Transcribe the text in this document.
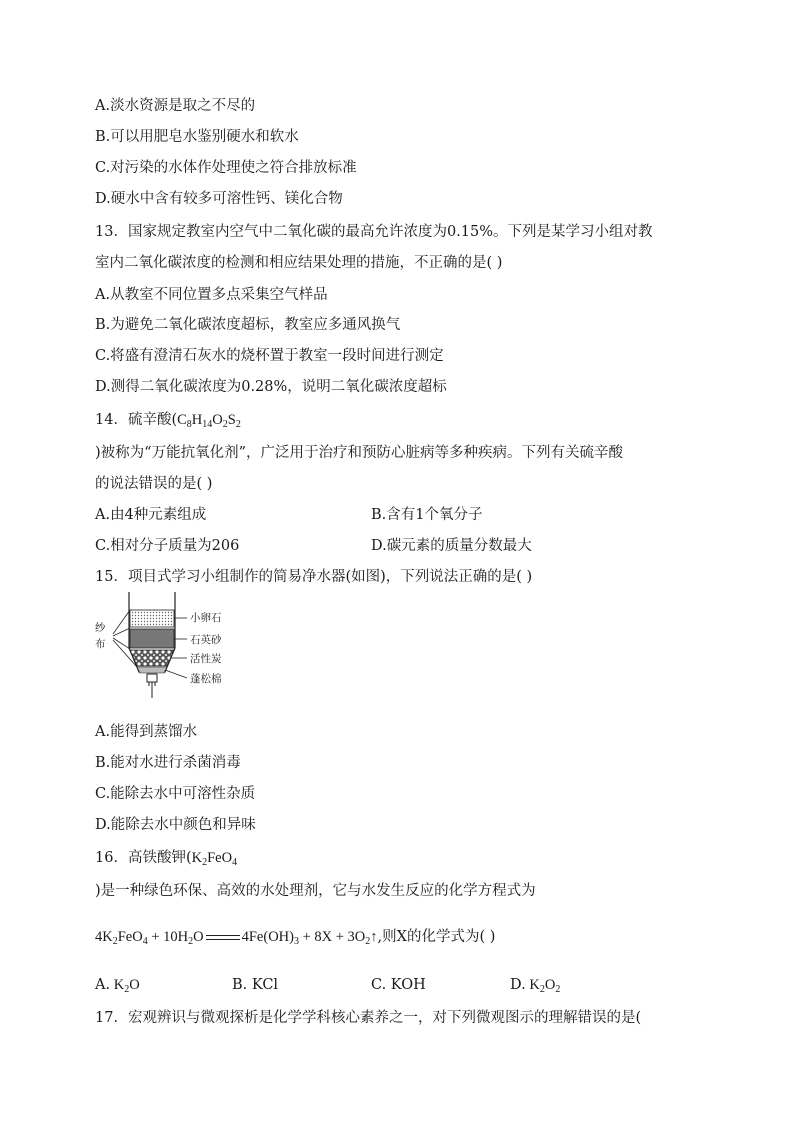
A.淡水资源是取之不尽的
B.可以用肥皂水鉴别硬水和软水
C.对污染的水体作处理使之符合排放标准
D.硬水中含有较多可溶性钙、镁化合物
13．国家规定教室内空气中二氧化碳的最高允许浓度为0.15%。下列是某学习小组对教
室内二氧化碳浓度的检测和相应结果处理的措施，不正确的是( )
A.从教室不同位置多点采集空气样品
B.为避免二氧化碳浓度超标，教室应多通风换气
C.将盛有澄清石灰水的烧杯置于教室一段时间进行测定
D.测得二氧化碳浓度为0.28%，说明二氧化碳浓度超标
14．硫辛酸($C_8H_{14}O_2S_2$
)被称为“万能抗氧化剂”，广泛用于治疗和预防心脏病等多种疾病。下列有关硫辛酸
的说法错误的是( )
A.由4种元素组成	B.含有1个氧分子
C.相对分子质量为206	D.碳元素的质量分数最大
15．项目式学习小组制作的简易净水器(如图)，下列说法正确的是( )
纱
布
小卵石
石英砂
活性炭
蓬松棉
A.能得到蒸馏水
B.能对水进行杀菌消毒
C.能除去水中可溶性杂质
D.能除去水中颜色和异味
16．高铁酸钾($K_2FeO_4$
)是一种绿色环保、高效的水处理剂，它与水发生反应的化学方程式为
$4K_2FeO_4 + 10H_2O$	$4Fe(OH)_3 + 8X$ + $3O_2↑$,则X的化学式为( )
A. $K_2O$	B. KCl	C. KOH	D. $K_2O_2$
17．宏观辨识与微观探析是化学学科核心素养之一，对下列微观图示的理解错误的是(
